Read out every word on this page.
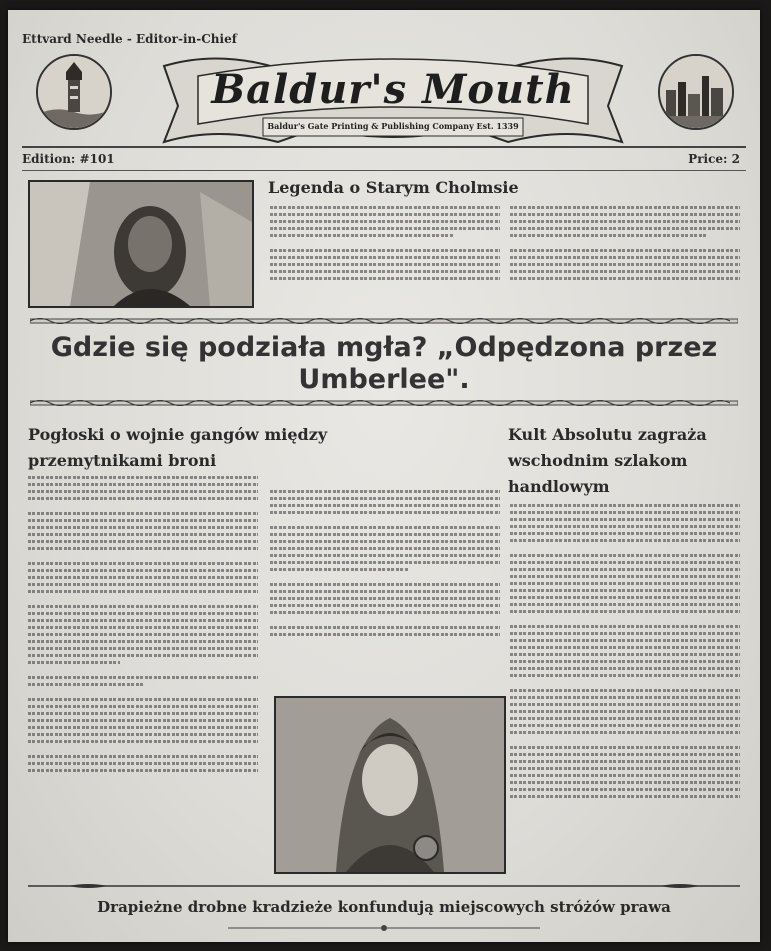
Ettvard Needle - Editor-in-Chief
Baldur's Mouth
Baldur's Gate Printing & Publishing Company Est. 1339
Edition: #101	Price: 2
Legenda o Starym Cholmsie
Gdzie się podziała mgła? „Odpędzona przez Umberlee".
Pogłoski o wojnie gangów między przemytnikami broni
Kult Absolutu zagraża wschodnim szlakom handlowym
Drapieżne drobne kradzieże konfundują miejscowych stróżów prawa
